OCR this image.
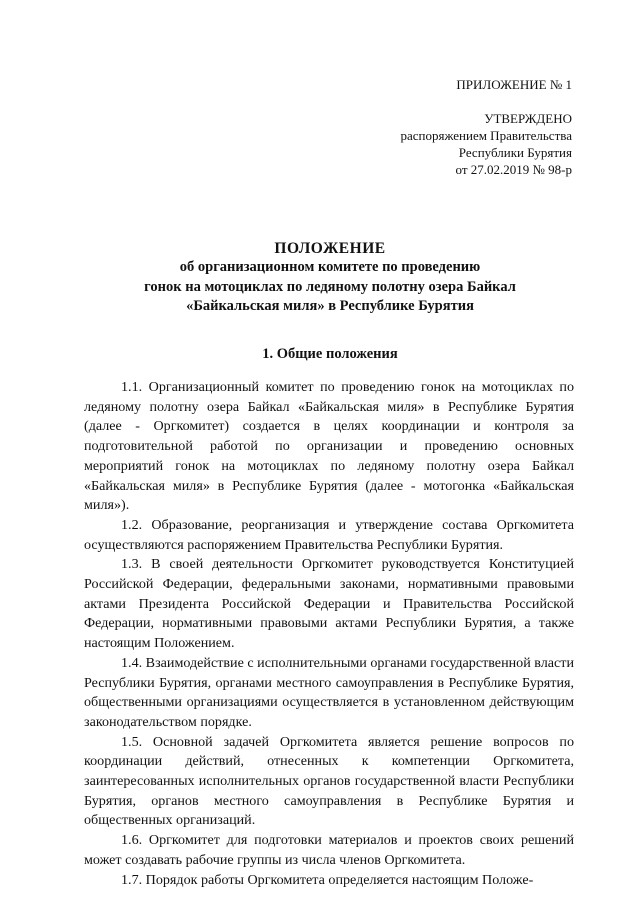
ПРИЛОЖЕНИЕ № 1
УТВЕРЖДЕНО
распоряжением Правительства
Республики Бурятия
от 27.02.2019 № 98-р
ПОЛОЖЕНИЕ
об организационном комитете по проведению
гонок на мотоциклах по ледяному полотну озера Байкал
«Байкальская миля» в Республике Бурятия
1. Общие положения

1.1. Организационный комитет по проведению гонок на мотоциклах по ледяному полотну озера Байкал «Байкальская миля» в Республике Бурятия (далее - Оргкомитет) создается в целях координации и контроля за подготовительной работой по организации и проведению основных мероприятий гонок на мотоциклах по ледяному полотну озера Байкал «Байкальская миля» в Республике Бурятия (далее - мотогонка «Байкальская миля»).

1.2. Образование, реорганизация и утверждение состава Оргкомитета осуществляются распоряжением Правительства Республики Бурятия.

1.3. В своей деятельности Оргкомитет руководствуется Конституцией Российской Федерации, федеральными законами, нормативными правовыми актами Президента Российской Федерации и Правительства Российской Федерации, нормативными правовыми актами Республики Бурятия, а также настоящим Положением.

1.4. Взаимодействие с исполнительными органами государственной власти Республики Бурятия, органами местного самоуправления в Республике Бурятия, общественными организациями осуществляется в установленном действующим законодательством порядке.

1.5. Основной задачей Оргкомитета является решение вопросов по координации действий, отнесенных к компетенции Оргкомитета, заинтересованных исполнительных органов государственной власти Республики Бурятия, органов местного самоуправления в Республике Бурятия и общественных организаций.

1.6. Оргкомитет для подготовки материалов и проектов своих решений может создавать рабочие группы из числа членов Оргкомитета.

1.7. Порядок работы Оргкомитета определяется настоящим Положе-
